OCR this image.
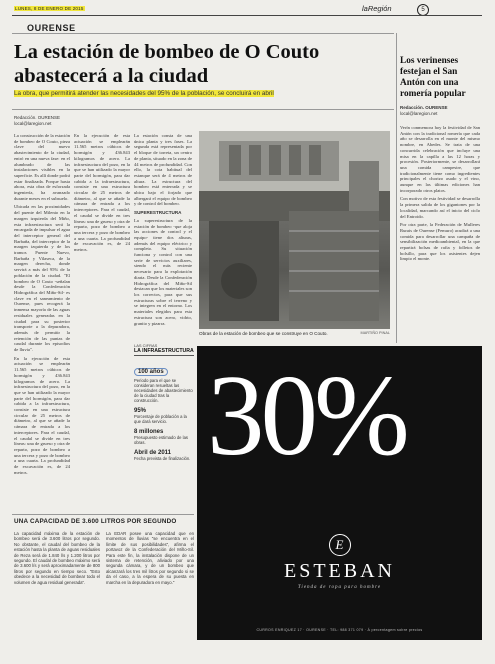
LUNES, 8 DE ENERO DE 2015	laRegión	5
OURENSE
La estación de bombeo de O Couto abastecerá a la ciudad
La obra, que permitirá atender las necesidades del 95% de la población, se concluirá en abril
Redacción. OURENSE
local@laregion.net

La construcción de la estación de bombeo de O Couto, pieza clave del nuevo abastecimiento de la ciudad, entró en una nueva fase: en el alumbrado de las instalaciones visibles en la superficie. Es allí donde podrá estar finalizada. Porque hasta ahora, esta obra de esforzada ingeniería, ha avanzado durante meses en el subsuelo.

Ubicada en las proximidades del puente del Milenio en la margen izquierda del Miño, esta infraestructura será la encargada de impulsar el agua del interceptor general del Barbaña, del interceptor de la margen izquierda y de los tramos Puente Nuevo, Barbaña y Vilaseca, de la margen derecha, donde servirá a más del 95% de la población de la ciudad. "El bombeo de O Couto -señalan desde la Confederación Hidrográfica del Miño-Sil- es clave en el saneamiento de Ourense, pues recogerá la inmensa mayoría de las aguas residuales generadas en la ciudad para su posterior transporte a la depuradora, además de permitir la retención de las puntas de caudal durante los episodios de lluvia".

En la ejecución de esta actuación se emplearán 11.565 metros cúbicos de hormigón y 436.843 kilogramos de acero. La infraestructura del pozo, en la que se han utilizado la mayor parte del hormigón, para dar cabida a la infraestructura, consiste en una estructura circular de 25 metros de diámetro, al que se añade la cámara de entrada a los interceptores. Para el caudal, el caudal se divide en tres líneas: una de grueso y otra de reparto, pozo de bombeo a una tercera y pozo de bombeo a una cuarta. La profundidad de excavación es, de 24 metros.

En la ejecución de esta actuación se emplearán 11.565 metros cúbicos de hormigón y 436.843 kilogramos de acero. La infraestructura del pozo, en la que se han utilizado la mayor parte del hormigón, para dar cabida a la infraestructura, consiste en una estructura circular de 25 metros de diámetro, al que se añade la cámara de entrada a los interceptores. Para el caudal, el caudal se divide en tres líneas: una de grueso y otra de reparto, pozo de bombeo a una tercera y pozo de bombeo a una cuarta. La profundidad de excavación es, de 24 metros.

La estación consta de una única planta y tres fases. La segunda está representada por el bloque de torreta, un centro de planta, situado en la zona de 44 metros de profundidad. Con ello, la cota habitual del estanque será de 4 metros de altura. La estructura del bombeo está enterrada y se ubica bajo el forjado que albergará el equipo de bombeo y de control del bombeo.

SUPERESTRUCTURA

La superestructura de la estación de bombeo -que aloja las acciones de control y el equipo- tiene dos alturas, además del equipo eléctrico y completo. Su situación funciona y control con una serie de servicios auxiliares, siendo el más reciente necesario para la explotación diaria. Desde la Confederación Hidrográfica del Miño-Sil destacan que los materiales son los correctos, para que sus estructuras sobre el terreno y se integren en el entorno. Los materiales elegidos para esta estructura son acero, vidrio, granito y pizarra.

Obras de la estación de bombeo que se construye en O Couto.	MARTIÑO PINAL
LAS CIFRAS
LA INFRAESTRUCTURA
100 años
Periodo para el que se consideran resueltas las necesidades de abastecimiento de la ciudad tras la construcción.
95%
Porcentaje de población a la que dará servicio.
8 millones
Presupuesto estimado de las obras.
Abril de 2011
Fecha prevista de finalización.
UNA CAPACIDAD DE 3.600 LITROS POR SEGUNDO
La capacidad máxima de la estación de bombeo será de 3.600 litros por segundo. No obstante, el caudal del bombeo de la estación hasta la planta de aguas residuales de Reza será de 1.840 l/s y 1.200 litros por segundo. El caudal de bombeo máximo será de 3.600 l/s y será aproximadamente de 800 litros por segundo en tiempo seco. "Esto obedece a la necesidad de bombear todo el volumen de agua residual generada".
La EDAR posee una capacidad que en momentos de lluvias "se encuentra en el límite de sus posibilidades", afirma el portavoz de la Confederación del Miño-Sil. Para este fin, la instalación dispone de un sistema de retención, aliviado por una segunda cámara, y de un bombeo que alcanzará los tres mil litros por segundo si se da el caso, a la espera de su puesta en marcha en la depuradora en mayo."
Los verinenses festejan el San Antón con una romería popular
Redacción. OURENSE
local@laregion.net

Verín conmemora hoy la festividad de San Antón con la tradicional romería que cada año se desarrolla en el monte del mismo nombre, en Abedes. Se trata de una concurrida celebración que incluye una misa en la capilla a las 12 horas y procesión. Posteriormente, se desarrollará una comida campestre, que tradicionalmente tiene como ingredientes principales el chorizo asado y el vino, aunque en las últimas ediciones han incorporado otros platos.

Con motivo de esta festividad se desarrolla la primera salida de los gigantones por la localidad, marcando así el inicio del ciclo del Entroido.

Por otra parte, la Federación de Mulleres Rurais de Ourense (Femuro) acudirá a una comida para desarrollar una campaña de sensibilización medioambiental, en la que repartirá bolsas de rafia y folletos de bolsillo, para que los asistentes dejen limpio el monte.

30%
E
ESTEBAN
Tienda de ropa para hombre
CURROS ENRIQUEZ 17 · OURENSE · TEL: 988 371 079 · Á percentagem sobre precios
